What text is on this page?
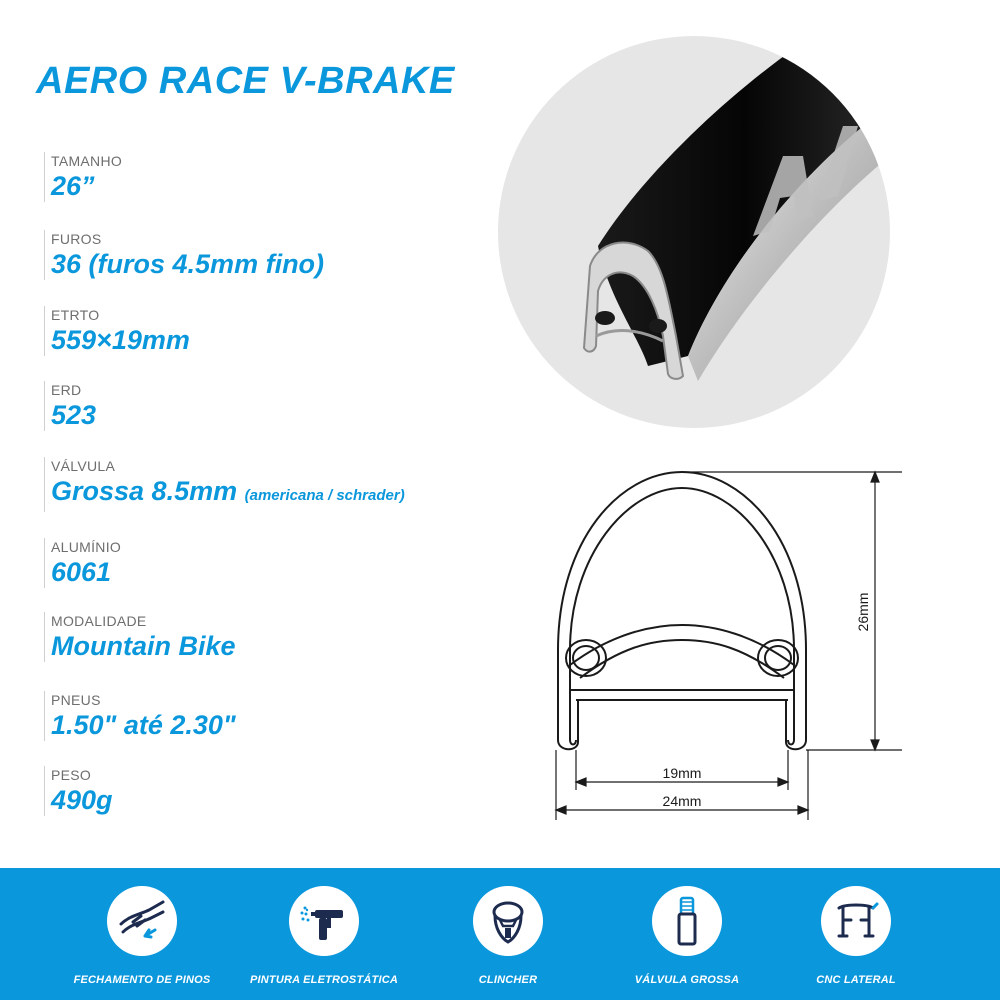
AERO RACE V-BRAKE
TAMANHO
26”
FUROS
36 (furos 4.5mm fino)
ETRTO
559×19mm
ERD
523
VÁLVULA
Grossa 8.5mm (americana / schrader)
ALUMÍNIO
6061
MODALIDADE
Mountain Bike
PNEUS
1.50" até 2.30"
PESO
490g
26mm
19mm
24mm
FECHAMENTO DE PINOS	PINTURA ELETROSTÁTICA	CLINCHER	VÁLVULA GROSSA	CNC LATERAL
